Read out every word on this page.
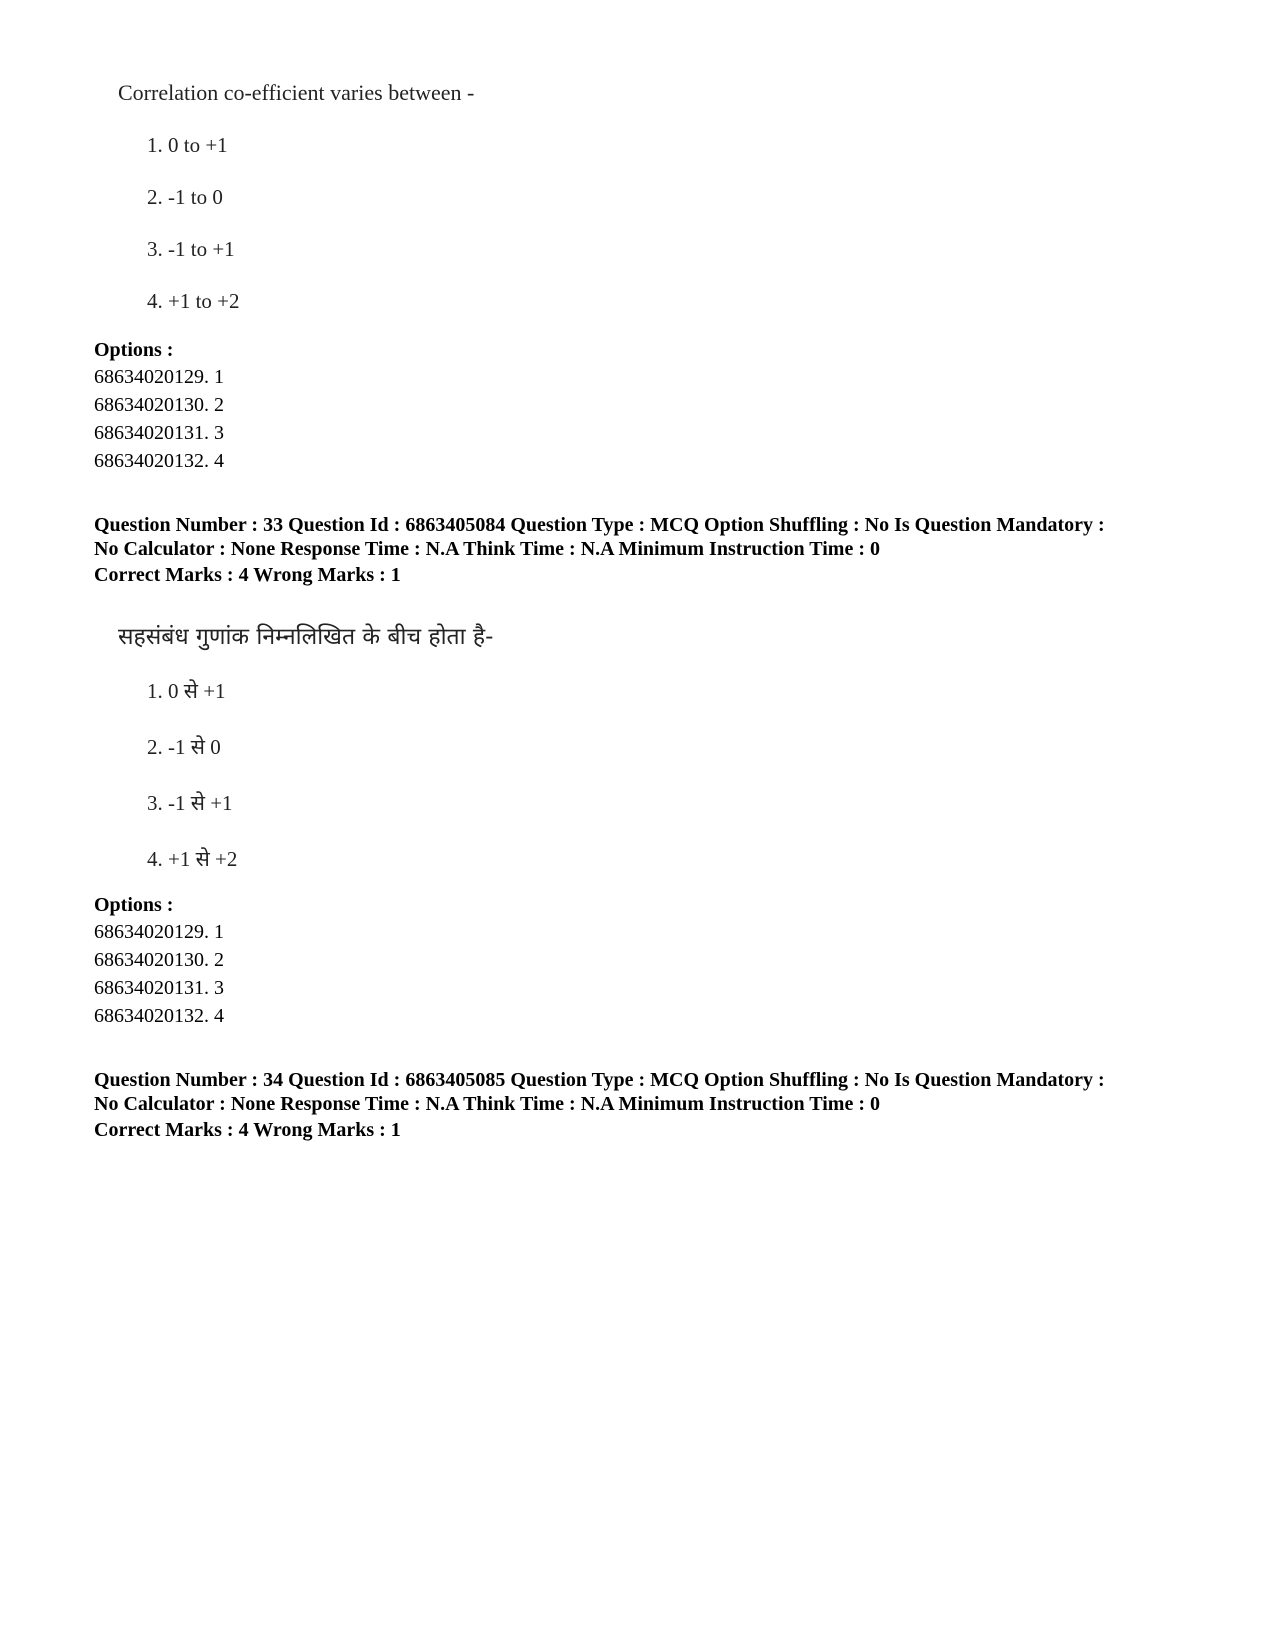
Correlation co-efficient varies between -
1. 0 to +1
2. -1 to 0
3. -1 to +1
4. +1 to +2
Options :
68634020129. 1
68634020130. 2
68634020131. 3
68634020132. 4
Question Number : 33 Question Id : 6863405084 Question Type : MCQ Option Shuffling : No Is Question Mandatory :
No Calculator : None Response Time : N.A Think Time : N.A Minimum Instruction Time : 0
Correct Marks : 4 Wrong Marks : 1
सहसंबंध गुणांक निम्नलिखित के बीच होता है-
1. 0 से +1
2. -1 से 0
3. -1 से +1
4. +1 से +2
Options :
68634020129. 1
68634020130. 2
68634020131. 3
68634020132. 4
Question Number : 34 Question Id : 6863405085 Question Type : MCQ Option Shuffling : No Is Question Mandatory :
No Calculator : None Response Time : N.A Think Time : N.A Minimum Instruction Time : 0
Correct Marks : 4 Wrong Marks : 1
